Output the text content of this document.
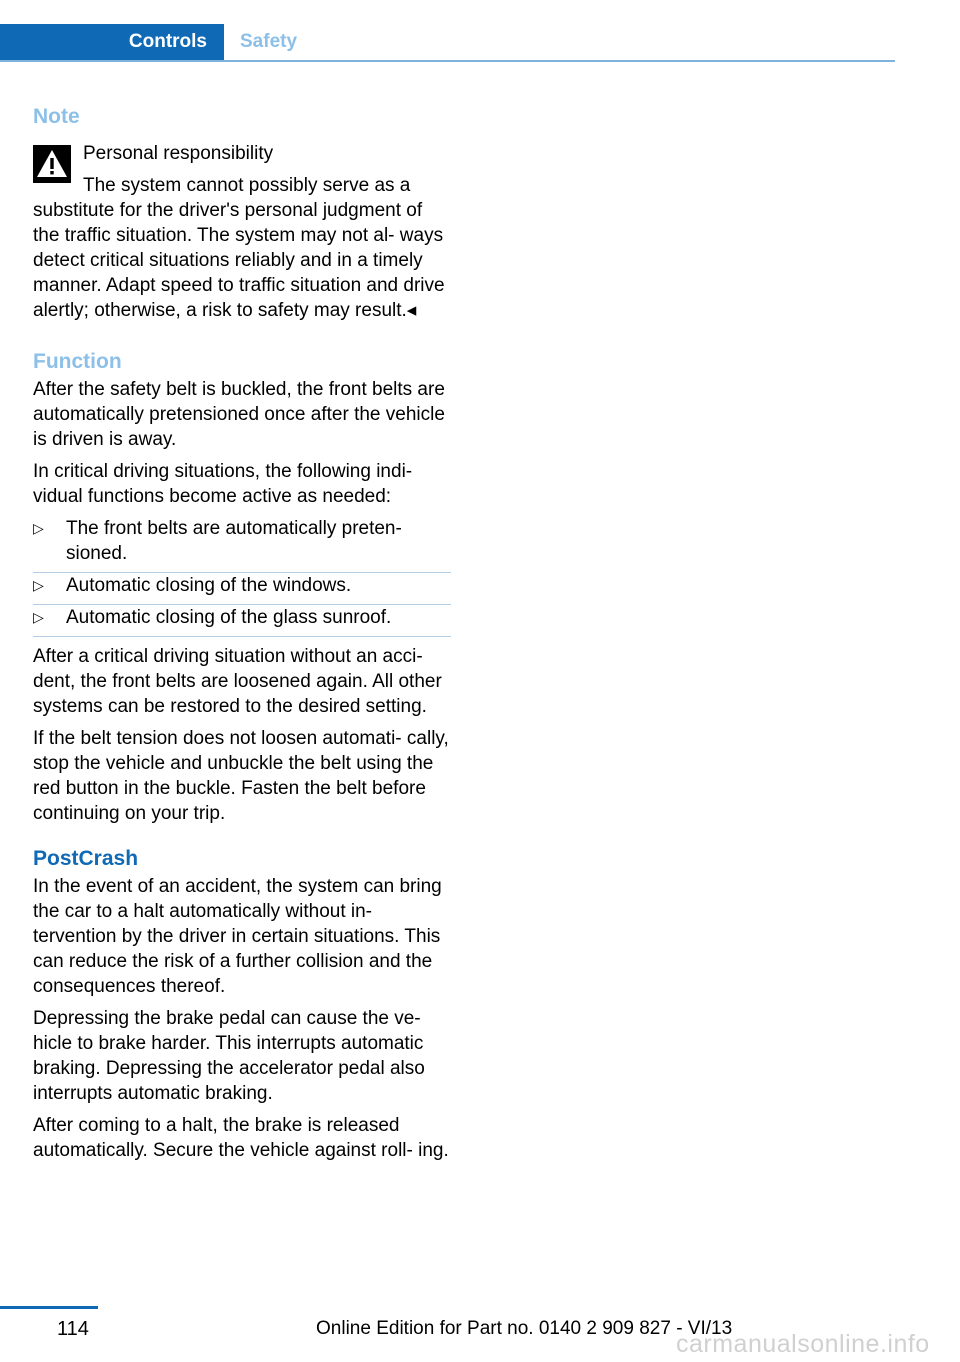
Controls	Safety
Note

Personal responsibility

The system cannot possibly serve as a substitute for the driver's personal judgment of the traffic situation. The system may not al- ways detect critical situations reliably and in a timely manner. Adapt speed to traffic situation and drive alertly; otherwise, a risk to safety may result.◂

Function

After the safety belt is buckled, the front belts are automatically pretensioned once after the vehicle is driven is away.

In critical driving situations, the following indi- vidual functions become active as needed:

▷ The front belts are automatically preten- sioned.
▷ Automatic closing of the windows.
▷ Automatic closing of the glass sunroof.

After a critical driving situation without an acci- dent, the front belts are loosened again. All other systems can be restored to the desired setting.

If the belt tension does not loosen automati- cally, stop the vehicle and unbuckle the belt using the red button in the buckle. Fasten the belt before continuing on your trip.

PostCrash

In the event of an accident, the system can bring the car to a halt automatically without in- tervention by the driver in certain situations. This can reduce the risk of a further collision and the consequences thereof.

Depressing the brake pedal can cause the ve- hicle to brake harder. This interrupts automatic braking. Depressing the accelerator pedal also interrupts automatic braking.

After coming to a halt, the brake is released automatically. Secure the vehicle against roll- ing.

114	Online Edition for Part no. 0140 2 909 827 - VI/13
carmanualsonline.info
